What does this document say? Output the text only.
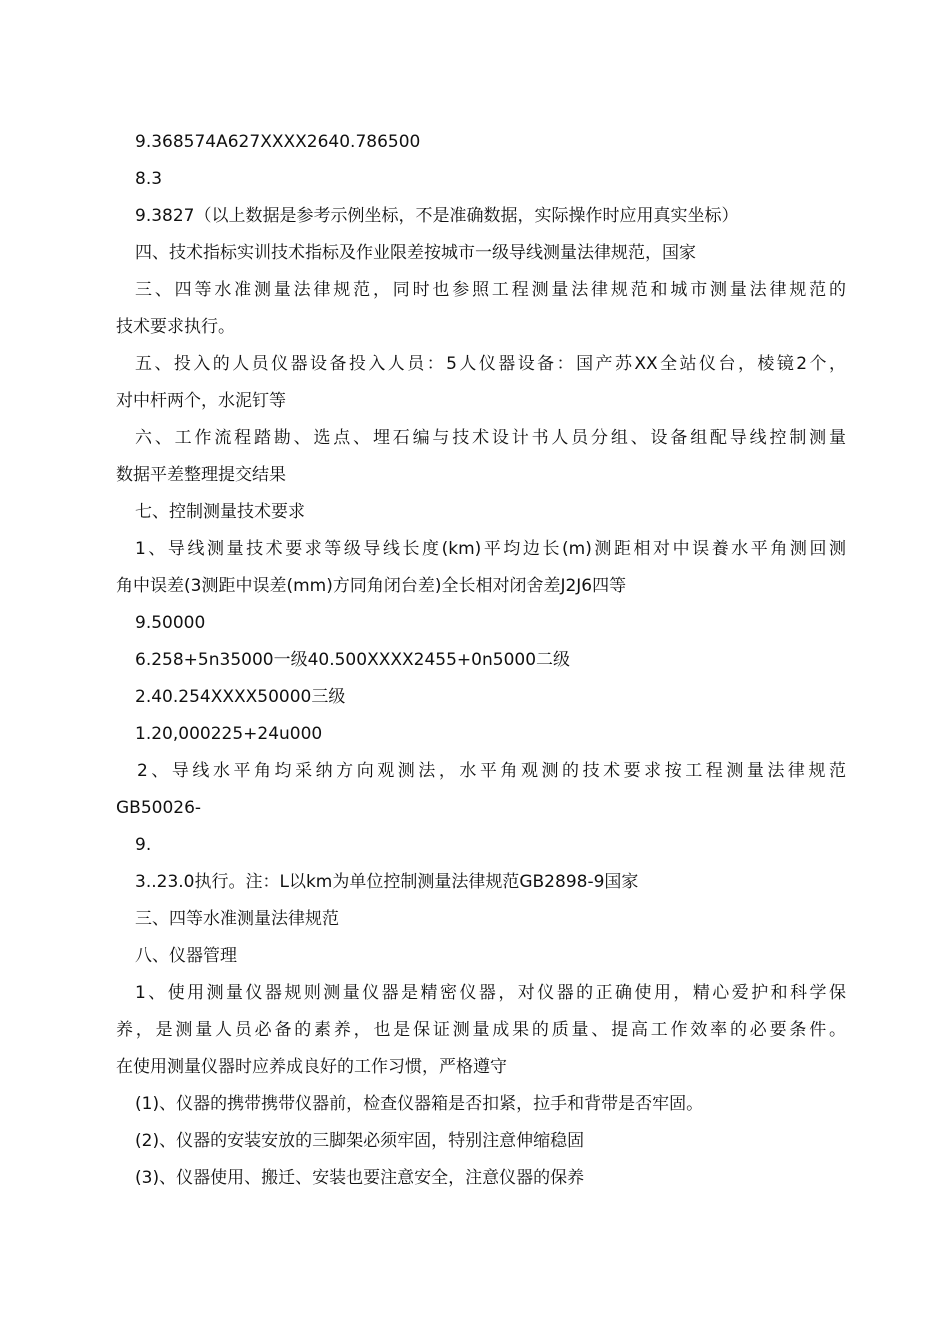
9.368574A627XXXX2640.786500
8.3
9.3827（以上数据是参考示例坐标，不是准确数据，实际操作时应用真实坐标）
四、技术指标实训技术指标及作业限差按城市一级导线测量法律规范，国家
三、四等水准测量法律规范，同时也参照工程测量法律规范和城市测量法律规范的
技术要求执行。
五、投入的人员仪器设备投入人员：5人仪器设备：国产苏XX全站仪台，棱镜2个，
对中杆两个，水泥钉等
六、工作流程踏勘、选点、埋石编与技术设计书人员分组、设备组配导线控制测量
数据平差整理提交结果
七、控制测量技术要求
1、导线测量技术要求等级导线长度(km)平均边长(m)测距相对中误養水平角测回测
角中误差(3测距中误差(mm)方同角闭台差)全长相对闭舍差J2J6四等
9.50000
6.258+5n35000一级40.500XXXX2455+0n5000二级
2.40.254XXXX50000三级
1.20,000225+24u000
2、导线水平角均采纳方向观测法，水平角观测的技术要求按工程测量法律规范
GB50026-
9.
3..23.0执行。注：L以km为单位控制测量法律规范GB2898-9国家
三、四等水准测量法律规范
八、仪器管理
1、使用测量仪器规则测量仪器是精密仪器，对仪器的正确使用，精心爱护和科学保
养，是测量人员必备的素养，也是保证测量成果的质量、提高工作效率的必要条件。
在使用测量仪器时应养成良好的工作习惯，严格遵守
(1)、仪器的携带携带仪器前，检查仪器箱是否扣紧，拉手和背带是否牢固。
(2)、仪器的安装安放的三脚架必须牢固，特别注意伸缩稳固
(3)、仪器使用、搬迁、安装也要注意安全，注意仪器的保养
